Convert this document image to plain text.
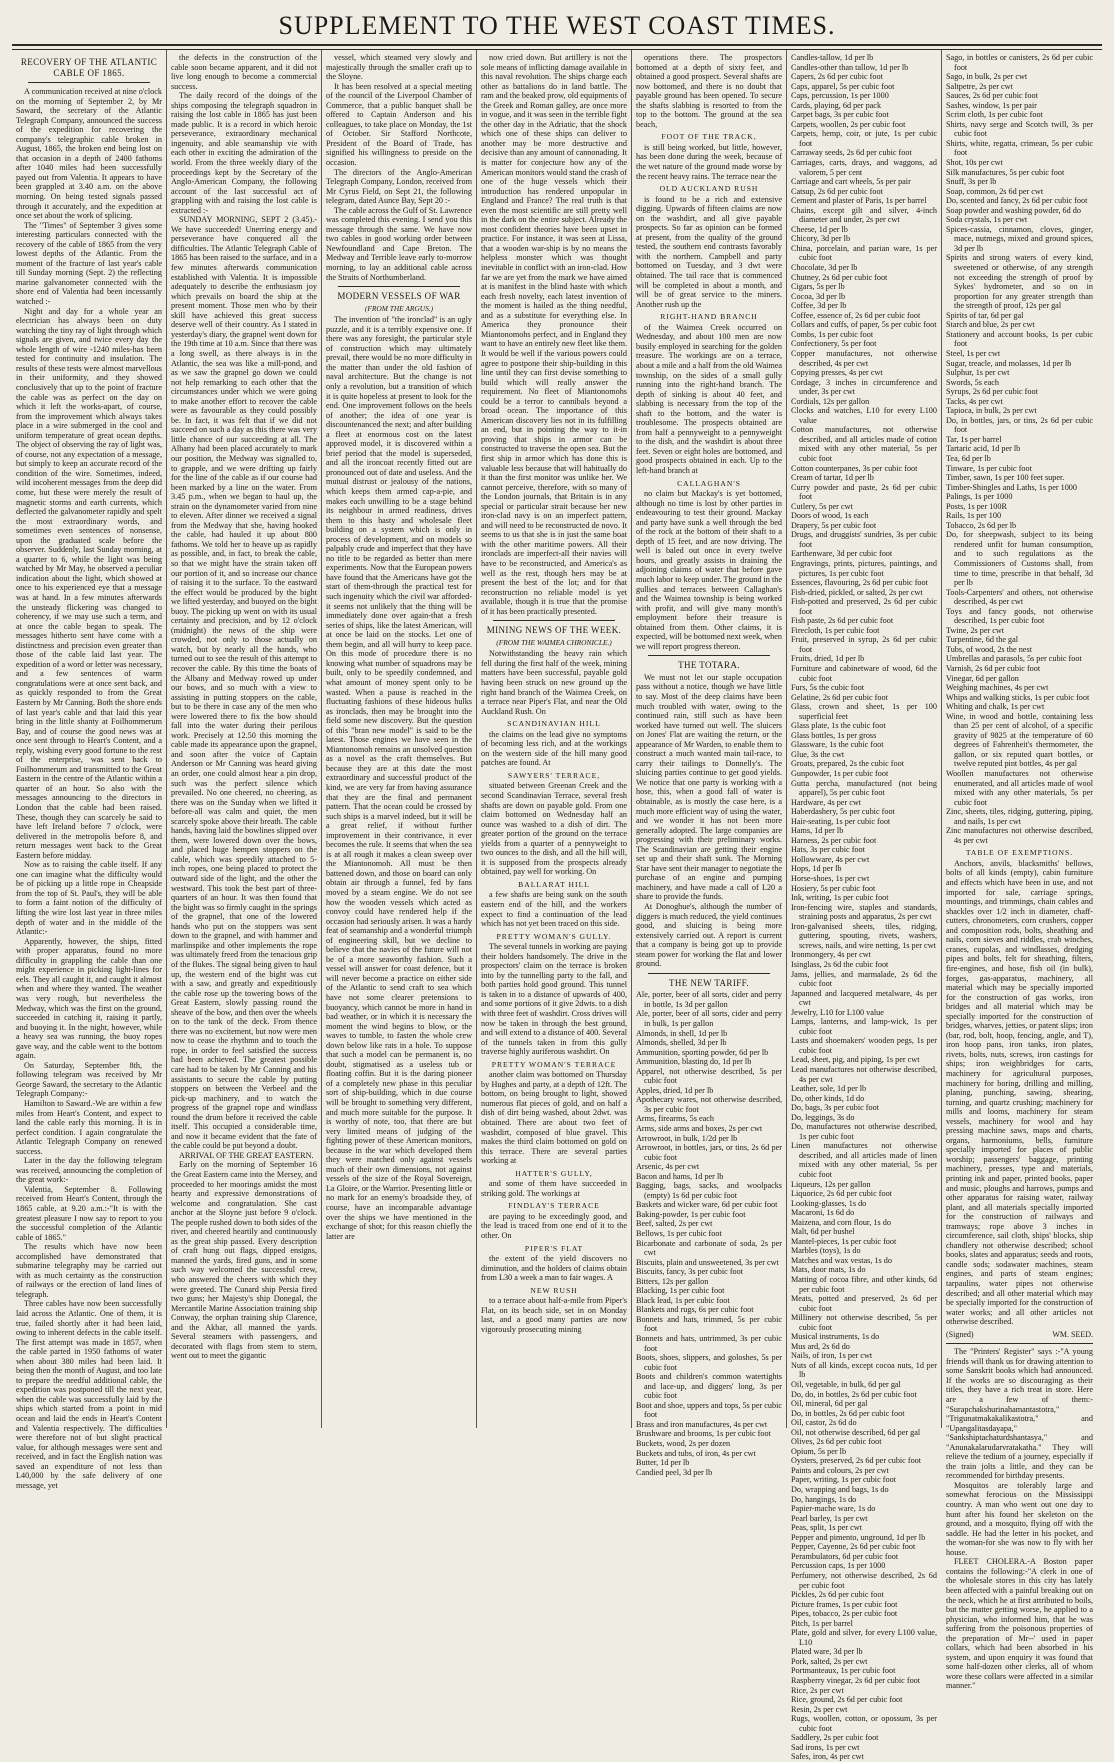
SUPPLEMENT TO THE WEST COAST TIMES.
RECOVERY OF THE ATLANTIC CABLE OF 1865.

A communication received at nine o'clock on the morning of September 2, by Mr Saward, the secretary of the Atlantic Telegraph Company, announced the success of the expedition for recovering the company's telegraphic cable broken in August, 1865, the broken end being lost on that occasion in a depth of 2400 fathoms after 1040 miles had been successfully payed out from Valentia. It appears to have been grappled at 3.40 a.m. on the above morning. On being tested signals passed through it accurately, and the expedition at once set about the work of splicing.

The "Times" of September 3 gives some interesting particulars connected with the recovery of the cable of 1865 from the very lowest depths of the Atlantic. From the moment of the fracture of last year's cable till Sunday morning (Sept. 2) the reflecting marine galvanometer connected with the shore end of Valentia had been incessantly watched :-

Night and day for a whole year an electrician has always been on duty watching the tiny ray of light through which signals are given, and twice every day the whole length of wire -1240 miles-has been tested for continuity and insulation. The results of these tests were almost marvellous in their uniformity, and they showed conclusively that up to the point of fracture the cable was as perfect on the day on which it left the works-apart, of course, from the improvement which always takes place in a wire submerged in the cool and uniform temperature of great ocean depths. The object of observing the ray of light was, of course, not any expectation of a message, but simply to keep an accurate record of the condition of the wire. Sometimes, indeed, wild incoherent messages from the deep did come, but these were merely the result of magnetic storms and earth currents, which deflected the galvanometer rapidly and spelt the most extraordinary words, and sometimes even sentences of nonsense, upon the graduated scale before the observer. Suddenly, last Sunday morning, at a quarter to 6, while the light was being watched by Mr May, he observed a peculiar indication about the light, which showed at once to his experienced eye that a message was at hand. In a few minutes afterwards the unsteady flickering was changed to coherency, if we may use such a term, and at once the cable began to speak. The messages hitherto sent have come with a distinctness and precision even greater than those of the cable laid last year. The expedition of a word or letter was necessary, and a few sentences of warm congratulations were at once sent back, and as quickly responded to from the Great Eastern by Mr Canning. Both the shore ends of last year's cable and that laid this year bring in the little shanty at Foilhommerum Bay, and of course the good news was at once sent through to Heart's Content, and a reply, wishing every good fortune to the rest of the enterprise, was sent back to Foilhommerum and transmitted to the Great Eastern in the centre of the Atlantic within a quarter of an hour. So also with the messages announcing to the directors in London that the cable had been raised. These, though they can scarcely be said to have left Ireland before 7 o'clock, were delivered in the metropolis before 8, and return messages went back to the Great Eastern before midday.

Now as to raising the cable itself. If any one can imagine what the difficulty would be of picking up a little rope in Cheapside from the top of St. Paul's, they will be able to form a faint notion of the difficulty of lifting the wire lost last year in three miles depth of water and in the middle of the Atlantic:-

Apparently, however, the ships, fitted with proper apparatus, found no more difficulty in grappling the cable than one might experience in picking light-lines for eels. They all caught it, and caught it almost when and where they wanted. The weather was very rough, but nevertheless the Medway, which was the first on the ground, succeeded in catching it, raising it partly, and buoying it. In the night, however, while a heavy sea was running, the buoy ropes gave way, and the cable went to the bottom again.

On Saturday, September 8th, the following telegram was received by Mr George Saward, the secretary to the Atlantic Telegraph Company:-

Hamilton to Saward.-We are within a few miles from Heart's Content, and expect to land the cable early this morning. It is in perfect condition. I again congratulate the Atlantic Telegraph Company on renewed success.

Later in the day the following telegram was received, announcing the completion of the great work:-

Valentia, September 8. Following received from Heart's Content, through the 1865 cable, at 9.20 a.m.:-"It is with the greatest pleasure I now say to report to you the successful completion of the Atlantic cable of 1865."

The results which have now been accomplished have demonstrated that submarine telegraphy may be carried out with as much certainty as the construction of railways or the erection of land lines of telegraph.

Three cables have now been successfully laid across the Atlantic. One of them, it is true, failed shortly after it had been laid, owing to inherent defects in the cable itself. The first attempt was made in 1857, when the cable parted in 1950 fathoms of water when about 380 miles had been laid. It being then the month of August, and too late to prepare the needful additional cable, the expedition was postponed till the next year, when the cable was successfully laid by the ships which started from a point in mid ocean and laid the ends in Heart's Content and Valentia respectively. The difficulties were therefore not of but slight practical value, for although messages were sent and received, and in fact the English nation was saved an expenditure of not less than L40,000 by the safe delivery of one message, yet

the defects in the construction of the cable soon became apparent, and it did not live long enough to become a commercial success.

The daily record of the doings of the ships composing the telegraph squadron in raising the lost cable in 1865 has just been made public. It is a record in which heroic perseverance, extraordinary mechanical ingenuity, and able seamanship vie with each other in exciting the admiration of the world. From the three weekly diary of the proceedings kept by the Secretary of the Anglo-American Company, the following account of the last successful act of grappling with and raising the lost cable is extracted :-

SUNDAY MORNING, SEPT 2 (3.45).-We have succeeded! Unerring energy and perseverance have conquered all the difficulties. The Atlantic Telegraph Cable of 1865 has been raised to the surface, and in a few minutes afterwards communication established with Valentia. It is impossible adequately to describe the enthusiasm joy which prevails on board the ship at the present moment. Those men who by their skill have achieved this great success deserve well of their country. As I stated in yesterday's diary, the grapnel went down for the 19th time at 10 a.m. Since that there was a long swell, as there always is in the Atlantic, the sea was like a mill-pond, and as we saw the grapnel go down we could not help remarking to each other that the circumstances under which we were going to make another effort to recover the cable were as favourable as they could possibly be. In fact, it was felt that if we did not succeed on such a day as this there was very little chance of our succeeding at all. The Albany had been placed accurately to mark our position, the Medway was signalled to, to grapple, and we were drifting up fairly for the line of the cable as if our course had been marked by a line on the water. From 3.45 p.m., when we began to haul up, the strain on the dynamometer varied from nine to eleven. After dinner we received a signal from the Medway that she, having hooked the cable, had hauled it up about 800 fathoms. We told her to heave up as rapidly as possible, and, in fact, to break the cable, so that we might have the strain taken off our portion of it, and so increase our chance of raising it to the surface. To the eastward the effect would be produced by the bight we lifted yesterday, and buoyed on the bight buoy. The picking up went on with its usual certainty and precision, and by 12 o'clock (midnight) the news of the ship were crowded, not only to those actually on watch, but by nearly all the hands, who turned out to see the result of this attempt to recover the cable. By this time the boats of the Albany and Medway rowed up under our bows, and so much with a view to assisting in putting stoppers on the cable, but to be there in case any of the men who were lowered there to fix the bow should fall into the water during their perilous work. Precisely at 12.50 this morning the cable made its appearance upon the grapnel, and soon after the voice of Captain Anderson or Mr Canning was heard giving an order, one could almost hear a pin drop, such was the perfect silence which prevailed. No one cheered, no cheering, as there was on the Sunday when we lifted it before-all was calm and quiet, the men scarcely spoke above their breath. The cable hands, having laid the bowlines slipped over them, were lowered down over the bows, and placed huge hempen stoppers on the cable, which was speedily attached to 5-inch ropes, one being placed to protect the outward side of the light, and the other the westward. This took the best part of three-quarters of an hour. It was then found that the bight was so firmly caught in the springs of the grapnel, that one of the lowered hands who put on the stoppers was sent down to the grapnel, and with hammer and marlinspike and other implements the rope was ultimately freed from the tenacious grip of the flukes. The signal being given to haul up, the western end of the bight was cut with a saw, and greatly and expeditiously the cable rose up the towering bows of the Great Eastern, slowly passing round the sheave of the bow, and then over the wheels on to the tank of the deck. From thence there was no excitement, but now were men now to cease the rhythmn and to touch the rope, in order to feel satisfied the success had been achieved. The greatest possible care had to be taken by Mr Canning and his assistants to secure the cable by putting stoppers on between the Verbeel and the pick-up machinery, and to watch the progress of the grapnel rope and windlass round the drum before it received the cable itself. This occupied a considerable time, and now it became evident that the fate of the cable could be put beyond a doubt.

ARRIVAL OF THE GREAT EASTERN.

Early on the morning of September 16 the Great Eastern came into the Mersey, and proceeded to her moorings amidst the most hearty and expressive demonstrations of welcome and congratulation. She cast anchor at the Sloyne just before 9 o'clock. The people rushed down to both sides of the river, and cheered heartily and continuously as the great ship passed. Every description of craft hung out flags, dipped ensigns, manned the yards, fired guns, and in some such way welcomed the successful crew, who answered the cheers with which they were greeted. The Cunard ship Persia fired two guns; her Majesty's ship Donegal, the Mercantile Marine Association training ship Conway, the orphan training ship Clarence, and the Akbar, all manned the yards. Several steamers with passengers, and decorated with flags from stem to stern, went out to meet the gigantic

vessel, which steamed very slowly and majestically through the smaller craft up to the Sloyne.

It has been resolved at a special meeting of the council of the Liverpool Chamber of Commerce, that a public banquet shall be offered to Captain Anderson and his colleagues, to take place on Monday, the 1st of October. Sir Stafford Northcote, President of the Board of Trade, has signified his willingness to preside on the occasion.

The directors of the Anglo-American Telegraph Company, London, received from Mr Cyrus Field, on Sept 21, the following telegram, dated Aunce Bay, Sept 20 :-

The cable across the Gulf of St. Lawrence was completed this evening. I send you this message through the same. We have now two cables in good working order between Newfoundland and Cape Breton. The Medway and Terrible leave early to-morrow morning, to lay an additional cable across the Straits of Northumberland.

MODERN VESSELS OF WAR
(FROM THE ARGUS.)

The invention of "the ironclad" is an ugly puzzle, and it is a terribly expensive one. If there was any foresight, the particular style of construction which may ultimately prevail, there would be no more difficulty in the matter than under the old fashion of naval architecture. But the change is not only a revolution, but a transition of which it is quite hopeless at present to look for the end. One improvement follows on the heels of another; the idea of one year is discountenanced the next; and after building a fleet at enormous cost on the latest approved model, it is discovered within a brief period that the model is superseded, and all the ironcoat recently fitted out are pronounced out of date and useless. And the mutual distrust or jealousy of the nations, which keeps them armed cap-a-pie, and makes each unwilling to be a stage behind its neighbour in armed readiness, drives them to this hasty and wholesale fleet building on a system which is only in process of development, and on models so palpably crude and imperfect that they have no title to be regarded as better than mere experiments. Now that the European powers have found that the Americans have got the start of them-through the practical test for such ingenuity which the civil war afforded-it seems not unlikely that the thing will be immediately done over again-that a fresh series of ships, like the latest American, will at once be laid on the stocks. Let one of them begin, and all will hurry to keep pace. On this mode of procedure there is no knowing what number of squadrons may be built, only to be speedily condemned, and what amount of money spent only to be wasted. When a pause is reached in the fluctuating fashions of these hideous hulks as ironclads, then may be brought into the field some new discovery. But the question of this "bran new model" is said to be the latest. Those engines we have seen in the Miantonomoh remains an unsolved question as a novel as the craft themselves. But because they are at this date the most extraordinary and successful product of the kind, we are very far from having assurance that they are the final and permanent pattern. That the ocean could be crossed by such ships is a marvel indeed, but it will be a great relief, if without further improvement in their contrivance, it ever becomes the rule. It seems that when the sea is at all rough it makes a clean sweep over the Miantonomoh. All must be then battened down, and those on board can only obtain air through a funnel, fed by fans moved by a steam engine. We do not see how the wooden vessels which acted as convoy could have rendered help if the occasion had seriously arisen. It was a hardy feat of seamanship and a wonderful triumph of engineering skill, but we decline to believe that the navies of the future will not be of a more seaworthy fashion. Such a vessel will answer for coast defence, but it will never become a practice on either side of the Atlantic to send craft to sea which have not some clearer pretensions to buoyancy, which cannot be more in hand in bad weather, or in which it is necessary the moment the wind begins to blow, or the waves to tumble, to fasten the whole crew down below like rats in a hole. To suppose that such a model can be permanent is, no doubt, stigmatised as a useless tub or floating coffin. But it is the daring pioneer of a completely new phase in this peculiar sort of ship-building, which in due course will be brought to something very different, and much more suitable for the purpose. It is worthy of note, too, that there are but very limited means of judging of the fighting power of these American monitors, because in the war which developed them they were matched only against vessels much of their own dimensions, not against vessels of the size of the Royal Sovereign, La Gloire, or the Warrior. Presenting little or no mark for an enemy's broadside they, of course, have an incomparable advantage over the ships we have mentioned in the exchange of shot; for this reason chiefly the latter are

now cried down. But artillery is not the sole means of inflicting damage available in this naval revolution. The ships charge each other as battalions do in land battle. The ram and the beaked prow, old equipments of the Greek and Roman galley, are once more in vogue, and it was seen in the terrible fight the other day in the Adriatic, that the shock which one of these ships can deliver to another may be more destructive and decisive than any amount of cannonading. It is matter for conjecture how any of the American monitors would stand the crash of one of the huge vessels which their introduction has rendered unpopular in England and France? The real truth is that even the most scientific are still pretty well in the dark on the entire subject. Already the most confident theories have been upset in practice. For instance, it was seen at Lissa, that a wooden war-ship is by no means the helpless monster which was thought inevitable in conflict with an iron-clad. How far we are yet from the mark we have aimed at is manifest in the blind haste with which each fresh novelty, each latest invention of the moment is hailed as the thing needful, and as a substitute for everything else. In America they pronounce their Miantonomohs perfect, and in England they want to have an entirely new fleet like them. It would be well if the various powers could agree to postpone their ship-building in this line until they can first devise something to build which will really answer the requirement. No fleet of Miantonomohs could be a terror to cannibals beyond a broad ocean. The importance of this American discovery lies not in its fulfilling an end, but in pointing the way to it-in proving that ships in armor can be constructed to traverse the open sea. But the first ship in armor which has done this is valuable less because that will habitually do it than the first monitor was unlike her. We cannot perceive, therefore, with so many of the London journals, that Britain is in any special or particular strait because her new iron-clad navy is on an imperfect pattern, and will need to be reconstructed de novo. It seems to us that she is in just the same boat with the other maritime powers. All their ironclads are imperfect-all their navies will have to be reconstructed, and America's as well as the rest, though hers may be at present the best of the lot; and for that reconstruction no reliable model is yet available, though it is true that the promise of it has been practically presented.

MINING NEWS OF THE WEEK.
(FROM THE WAIMEA CHRONICLE.)

Notwithstanding the heavy rain which fell during the first half of the week, mining matters have been successful, payable gold having been struck on new ground up the right hand branch of the Waimea Creek, on a terrace near Piper's Flat, and near the Old Auckland Rush. On

SCANDINAVIAN HILL

the claims on the lead give no symptoms of becoming less rich, and at the workings on the western side of the hill many good patches are found. At

SAWYERS' TERRACE,

situated between Greenan Creek and the second Scandinavian Terrace, several fresh shafts are down on payable gold. From one claim bottomed on Wednesday half an ounce was washed to a dish of dirt. The greater portion of the ground on the terrace yields from a quarter of a pennyweight to two ounces to the dish, and all the hill will, it is supposed from the prospects already obtained, pay well for working. On

BALLARAT HILL

a few shafts are being sunk on the south eastern end of the hill, and the workers expect to find a continuation of the lead which has not yet been traced on this side.

PRETTY WOMAN'S GULLY.

The several tunnels in working are paying their holders handsomely. The drive in the prospectors' claim on the terrace is broken into by the tunnelling party to the fall, and both parties hold good ground. This tunnel is taken in to a distance of upwards of 400, and some portions of it give 2dwts. to a dish with three feet of washdirt. Cross drives will now be taken in through the best ground, and will extend to a distance of 400. Several of the tunnels taken in from this gully traverse highly auriferous washdirt. On

PRETTY WOMAN'S TERRACE

another claim was bottomed on Thursday by Hughes and party, at a depth of 12ft. The bottom, on being brought to light, showed numerous flat pieces of gold, and on half a dish of dirt being washed, about 2dwt. was obtained. There are about two feet of washdirt, composed of blue gravel. This makes the third claim bottomed on gold on this terrace. There are several parties working at

HATTER'S GULLY,

and some of them have succeeded in striking gold. The workings at

FINDLAY'S TERRACE

are paying to be exceedingly good, and the lead is traced from one end of it to the other. On

PIPER'S FLAT

the extent of the yield discovers no diminution, and the holders of claims obtain from L30 a week a man to fair wages. A

NEW RUSH

to a terrace about half-a-mile from Piper's Flat, on its beach side, set in on Monday last, and a good many parties are now vigorously prosecuting mining

operations there. The prospectors bottomed at a depth of sixty feet, and obtained a good prospect. Several shafts are now bottomed, and there is no doubt that payable ground has been opened. To secure the shafts slabbing is resorted to from the top to the bottom. The ground at the sea beach,

FOOT OF THE TRACK,

is still being worked, but little, however, has been done during the week, because of the wet nature of the ground made worse by the recent heavy rains. The terrace near the

OLD AUCKLAND RUSH

is found to be a rich and extensive digging. Upwards of fifteen claims are now on the washdirt, and all give payable prospects. So far as opinion can be formed at present, from the quality of the ground tested, the southern end contrasts favorably with the northern. Campbell and party bottomed on Tuesday, and 3 dwt were obtained. The tail race that is commenced will be completed in about a month, and will be of great service to the miners. Another rush up the

RIGHT-HAND BRANCH

of the Waimea Creek occurred on Wednesday, and about 100 men are now busily employed in searching for the golden treasure. The workings are on a terrace, about a mile and a half from the old Waimea township, on the sides of a small gully running into the right-hand branch. The depth of sinking is about 40 feet, and slabbing is necessary from the top of the shaft to the bottom, and the water is troublesome. The prospects obtained are from half a pennyweight to a pennyweight to the dish, and the washdirt is about three feet. Seven or eight holes are bottomed, and good prospects obtained in each. Up to the left-hand branch at

CALLAGHAN'S

no claim but Mackay's is yet bottomed, although no time is lost by other parties in endeavouring to test their ground. Mackay and party have sunk a well through the bed of the rock at the bottom of their shaft to a depth of 15 feet, and are now driving. The well is baled out once in every twelve hours, and greatly assists in draining the adjoining claims of water that before gave much labor to keep under. The ground in the gullies and terraces between Callaghan's and the Waimea township is being worked with profit, and will give many month's employment before their treasure is obtained from them. Other claims, it is expected, will be bottomed next week, when we will report progress thereon.

THE TOTARA.

We must not let our staple occupation pass without a notice, though we have little to say. Most of the deep claims have been much troubled with water, owing to the continued rain, still such as have been worked have turned out well. The sluicers on Jones' Flat are waiting the return, or the appearance of Mr Warden, to enable them to construct a much wanted main tail-race, to carry their tailings to Donnelly's. The sluicing parties continue to get good yields. We notice that one party is working with a hose, this, when a good fall of water is obtainable, as is mostly the case here, is a much more efficient way of using the water, and we wonder it has not been more generally adopted. The large companies are progressing with their preliminary works. The Scandinavian are getting their engine set up and their shaft sunk. The Morning Star have sent their manager to negotiate the purchase of an engine and pumping machinery, and have made a call of L20 a share to provide the funds.

At Donoghue's, although the number of diggers is much reduced, the yield continues good, and sluicing is being more extensively carried out. A report is current that a company is being got up to provide steam power for working the flat and lower ground.

THE NEW TARIFF.

Ale, porter, beer of all sorts, cider and perry in bottle, 1s 3d per gallon

Ale, porter, beer of all sorts, cider and perry in bulk, 1s per gallon

Almonds, in shell, 1d per lb

Almonds, shelled, 3d per lb

Ammunition, sporting powder, 6d per lb

Ammunition, blasting do, 1d per lb

Apparel, not otherwise described, 5s per cubic foot

Apples, dried, 1d per lb

Apothecary wares, not otherwise described, 3s per cubic foot

Arms, firearms, 5s each

Arms, side arms and boxes, 2s per cwt

Arrowroot, in bulk, 1/2d per lb

Arrowroot, in bottles, jars, or tins, 2s 6d per cubic foot

Arsenic, 4s per cwt

Bacon and hams, 1d per lb

Bagging, bags, sacks, and woolpacks (empty) 1s 6d per cubic foot

Baskets and wicker ware, 6d per cubic foot

Baking-powder, 1s per cubic foot

Beef, salted, 2s per cwt

Bellows, 1s per cubic foot

Bicarbonate and carbonate of soda, 2s per cwt

Biscuits, plain and unsweetened, 3s per cwt

Biscuits, fancy, 3s per cubic foot

Bitters, 12s per gallon

Blacking, 1s per cubic foot

Black lead, 1s per cubic foot

Blankets and rugs, 6s per cubic foot

Bonnets and hats, trimmed, 5s per cubic foot

Bonnets and hats, untrimmed, 3s per cubic foot

Boots, shoes, slippers, and goloshes, 5s per cubic foot

Boots and children's common watertights and lace-up, and diggers' long, 3s per cubic foot

Boot and shoe, uppers and tops, 5s per cubic foot

Brass and iron manufactures, 4s per cwt

Brushware and brooms, 1s per cubic foot

Buckets, wood, 2s per dozen

Buckets and tubs, of iron, 4s per cwt

Butter, 1d per lb

Candied peel, 3d per lb

Candles-tallow, 1d per lb

Candles-other than tallow, 1d per lb

Capers, 2s 6d per cubic foot

Caps, apparel, 5s per cubic foot

Caps, percussion, 1s per 1000

Cards, playing, 6d per pack

Carpet bags, 3s per cubic foot

Carpets, woollen, 2s per cubic foot

Carpets, hemp, coir, or jute, 1s per cubic foot

Carraway seeds, 2s 6d per cubic foot

Carriages, carts, drays, and waggons, ad valorem, 5 per cent

Carriage and cart wheels, 5s per pair

Catsup, 2s 6d per cubic foot

Cement and plaster of Paris, 1s per barrel

Chains, except gilt and silver, 4-inch diameter and under, 2s per cwt

Cheese, 1d per lb

Chicory, 3d per lb

China, porcelain, and parian ware, 1s per cubic foot

Chocolate, 3d per lb

Chutney, 2s 6d per cubic foot

Cigars, 5s per lb

Cocoa, 3d per lb

Coffee, 3d per lb

Coffee, essence of, 2s 6d per cubic foot

Collars and cuffs, of paper, 5s per cubic foot

Combs, 1s per cubic foot

Confectionery, 5s per foot

Copper manufactures, not otherwise described, 4s per cwt

Copying presses, 4s per cwt

Cordage, 3 inches in circumference and under, 3s per cwt

Cordials, 12s per gallon

Clocks and watches, L10 for every L100 value

Cotton manufactures, not otherwise described, and all articles made of cotton mixed with any other material, 5s per cubic foot

Cotton counterpanes, 3s per cubic foot

Cream of tartar, 1d per lb

Curry powder and paste, 2s 6d per cubic foot

Cutlery, 5s per cwt

Doors of wood, 1s each

Drapery, 5s per cubic foot

Drugs, and druggists' sundries, 3s per cubic foot

Earthenware, 3d per cubic foot

Engravings, prints, pictures, paintings, and pictures, 1s per cubic foot

Essences, flavouring, 2s 6d per cubic foot

Fish-dried, pickled, or salted, 2s per cwt

Fish-potted and preserved, 2s 6d per cubic foot

Fish paste, 2s 6d per cubic foot

Firecloth, 1s per cubic foot

Fruit, preserved in syrup, 2s 6d per cubic foot

Fruits, dried, 1d per lb

Furniture and cabinetware of wood, 6d the cubic foot

Furs, 5s the cubic foot

Gelatine, 2s 6d per cubic foot

Glass, crown and sheet, 1s per 100 superficial feet

Glass plate, 1s the cubic foot

Glass bottles, 1s per gross

Glassware, 1s the cubic foot

Glue, 3s the cwt

Groats, prepared, 2s the cubic foot

Gunpowder, 1s per cubic foot

Gutta percha, manufactured (not being apparel), 5s per cubic foot

Hardware, 4s per cwt

Haberdashery, 5s per cubic foot

Hair-seating, 1s per cubic foot

Hams, 1d per lb

Harness, 2s per cubic foot

Hats, 3s per cubic foot

Hollowware, 4s per cwt

Hops, 1d per lb

Horse-shoes, 1s per cwt

Hosiery, 5s per cubic foot

Ink, writing, 1s per cubic foot

Iron-fencing wire, staples and standards, straining posts and apparatus, 2s per cwt

Iron-galvanised sheets, tiles, ridging, guttering, spouting, rivets, washers, screws, nails, and wire netting, 1s per cwt

Ironmongery, 4s per cwt

Isinglass, 2s 6d the cubic foot

Jams, jellies, and marmalade, 2s 6d the cubic foot

Japanned and lacquered metalware, 4s per cwt

Jewelry, L10 for L100 value

Lamps, lanterns, and lamp-wick, 1s per cubic foot

Lasts and shoemakers' wooden pegs, 1s per cubic foot

Lead, sheet, pig, and piping, 1s per cwt

Lead manufactures not otherwise described, 4s per cwt

Leather, sole, 1d per lb

Do, other kinds, 1d do

Do, bags, 3s per cubic foot

Do, leggings, 3s do

Do, manufactures not otherwise described, 1s per cubic foot

Linen manufactures not otherwise described, and all articles made of linen mixed with any other material, 5s per cubic foot

Liqueurs, 12s per gallon

Liquorice, 2s 6d per cubic foot

Looking-glasses, 1s do

Macaroni, 1s 6d do

Maizena, and corn flour, 1s do

Malt, 6d per bushel

Mantel-pieces, 1s per cubic foot

Marbles (toys), 1s do

Matches and wax vestas, 1s do

Mats, door mats, 1s do

Matting of cocoa fibre, and other kinds, 6d per cubic foot

Meats, potted and preserved, 2s 6d per cubic foot

Millinery not otherwise described, 5s per cubic foot

Musical instruments, 1s do

Mus ard, 2s 6d do

Nails, of iron, 1s per cwt

Nuts of all kinds, except cocoa nuts, 1d per lb

Oil, vegetable, in bulk, 6d per gal

Do, do, in bottles, 2s 6d per cubic foot

Oil, mineral, 6d per gal

Do, in bottles, 2s 6d per cubic foot

Oil, castor, 2s 6d do

Oil, not otherwise described, 6d per gal

Olives, 2s 6d per cubic foot

Opium, 5s per lb

Oysters, preserved, 2s 6d per cubic foot

Paints and colours, 2s per cwt

Paper, writing, 1s per cubic foot

Do, wrapping and bags, 1s do

Do, hangings, 1s do

Papier-mache ware, 1s do

Pearl barley, 1s per cwt

Peas, split, 1s per cwt

Pepper and pimento, unground, 1d per lb

Pepper, Cayenne, 2s 6d per cubic foot

Perambulators, 6d per cubic foot

Percussion caps, 1s per 1000

Perfumery, not otherwise described, 2s 6d per cubic foot

Pickles, 2s 6d per cubic foot

Picture frames, 1s per cubic foot

Pipes, tobacco, 2s per cubic foot

Pitch, 1s per barrel

Plate, gold and silver, for every L100 value, L10

Plated ware, 3d per lb

Pork, salted, 2s per cwt

Portmanteaux, 1s per cubic foot

Raspberry vinegar, 2s 6d per cubic foot

Rice, 2s per cwt

Rice, ground, 2s 6d per cubic foot

Resin, 2s per cwt

Rugs, woollen, cotton, or opossum, 3s per cubic foot

Saddlery, 2s per cubic foot

Sad irons, 1s per cwt

Safes, iron, 4s per cwt

Sago, in bottles or canisters, 2s 6d per cubic foot

Sago, in bulk, 2s per cwt

Saltpetre, 2s per cwt

Sauces, 2s 6d per cubic foot

Sashes, window, 1s per pair

Scrim cloth, 1s per cubic foot

Shirts, navy serge and Scotch twill, 3s per cubic foot

Shirts, white, regatta, crimean, 5s per cubic foot

Shot, 10s per cwt

Silk manufactures, 5s per cubic foot

Snuff, 3s per lb

Soap, common, 2s 6d per cwt

Do, scented and fancy, 2s 6d per cubic foot

Soap powder and washing powder, 6d do

Soda crystals, 1s per cwt

Spices-cassia, cinnamon, cloves, ginger, mace, nutmegs, mixed and ground spices, 3d per lb

Spirits and strong waters of every kind, sweetened or otherwise, of any strength not exceeding the strength of proof by Sykes' hydrometer, and so on in proportion for any greater strength than the strength of proof, 12s per gal

Spirits of tar, 6d per gal

Starch and blue, 2s per cwt

Stationery and account books, 1s per cubic foot

Steel, 1s per cwt

Sugar, treacle, and molasses, 1d per lb

Sulphur, 1s per cwt

Swords, 5s each

Syrups, 2s 6d per cubic foot

Tacks, 4s per cwt

Tapioca, in bulk, 2s per cwt

Do, in bottles, jars, or tins, 2s 6d per cubic foot

Tar, 1s per barrel

Tartaric acid, 1d per lb

Tea, 6d per lb

Tinware, 1s per cubic foot

Timber, sawn, 1s per 100 feet super.

Timber-Shingles and Laths, 1s per 1000

Palings, 1s per 1000

Posts, 1s per 100R

Rails, 1s per 100

Tobacco, 2s 6d per lb

Do, for sheepwash, subject to its being rendered unfit for human consumption, and to such regulations as the Commissioners of Customs shall, from time to time, prescribe in that behalf, 3d per lb

Tools-Carpenters' and others, not otherwise described, 4s per cwt

Toys and fancy goods, not otherwise described, 1s per cubic foot

Twine, 2s per cwt

Turpentine, 6d the gal

Tubs, of wood, 2s the nest

Umbrellas and parasols, 5s per cubic foot

Varnish, 2s 6d per cubic foot

Vinegar, 6d per gallon

Weighing machines, 4s per cwt

Whips and walking sticks, 1s per cubic foot

Whiting and chalk, 1s per cwt

Wine, in wood and bottle, containing less than 25 per cent of alcohol, of a specific gravity of 9825 at the temperature of 60 degrees of Fahrenheit's thermometer, the gallon, or six reputed quart bottles, or twelve reputed pint bottles, 4s per gal

Woollen manufactures not otherwise enumerated, and all articles made of wool mixed with any other materials, 5s per cubic foot

Zinc, sheets, tiles, ridging, guttering, piping, and nails, 1s per cwt

Zinc manufactures not otherwise described, 4s per cwt

TABLE OF EXEMPTIONS.

Anchors, anvils, blacksmiths' bellows, bolts of all kinds (empty), cabin furniture and effects which have been in use, and not imported for sale, carriage springs, mountings, and trimmings, chain cables and shackles over 1/2 inch in diameter, chaff-cutters, chronometers, corn crushers, copper and composition rods, bolts, sheathing and nails, corn sieves and riddles, crab winches, cranes, cupolas, and windlasses, dredging pipes and bolts, felt for sheathing, filters, fire-engines, and hose, fish oil (in bulk), forges, gas-apparatus, machinery, all material which may be specially imported for the construction of gas works, iron bridges and all material which may be specially imported for the construction of bridges, wharves, jetties, or patent slips; iron (bar, rod, bolt, hoop, fencing, angle, and T), iron hoop pans, iron tanks, iron plates, rivets, bolts, nuts, screws, iron castings for ships; iron weighbridges for carts, machinery for agricultural purposes, machinery for boring, drilling and milling, planing, punching, sawing, shearing, turning, and quartz crushing; machinery for mills and looms, machinery for steam vessels, machinery for wool and hay pressing machine saws, maps and charts, organs, harmoniums, bells, furniture specially imported for places of public worship; passengers' baggage, printing machinery, presses, type and materials, printing ink and paper, printed books, paper and music, ploughs and harrows, pumps and other apparatus for raising water, railway plant, and all materials specially imported for the construction of railways and tramways; rope above 3 inches in circumference, sail cloth, ships' blocks, ship chandlery not otherwise described; school books, slates and apparatus; seeds and roots, candle sods; sodawater machines, steam engines, and parts of steam engines; tarpaulins, water pipes not otherwise described; and all other material which may be specially imported for the construction of water works; and all other articles not otherwise described.

(Signed)	WM. SEED.

The "Printers' Register" says :-"A young friends will thank us for drawing attention to some Sanskrit books which had announced. If the works are so discouraging as their titles, they have a rich treat in store. Here are a few of them:-"Surapchakshurinahamantastotra," "Trigunatmakakalikastotra," and "Upangalitasdayapa," "Sankshiptachaturdshantasya," and "Anunakalarudarvratakatha." They will relieve the tedium of a journey, especially if the train jolts a little, and they can be recommended for birthday presents.

Mosquitos are tolerably large and somewhat ferocious on the Mississippi country. A man who went out one day to hunt after his found her skeleton on the ground, and a mosquito, flying off with the saddle. He had the letter in his pocket, and the woman-for she was now to fly with her house.

FLEET CHOLERA.-A Boston paper contains the following:-"A clerk in one of the wholesale stores in this city has lately been affected with a painful breaking out on the neck, which he at first attributed to boils, but the matter getting worse, he applied to a physician, who informed him, that he was suffering from the poisonous properties of the preparation of Mr--' used in paper collars, which had been absorbed in his system, and upon enquiry it was found that some half-dozen other clerks, all of whom wore these collars were affected in a similar manner."
